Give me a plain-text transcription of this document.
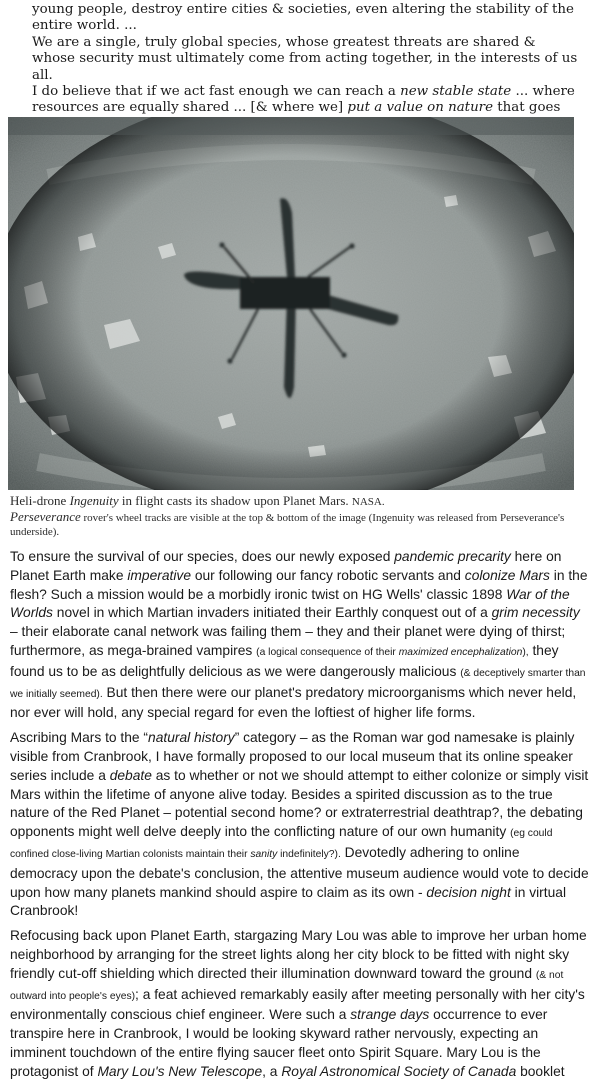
young people, destroy entire cities & societies, even altering the stability of the entire world. ...

We are a single, truly global species, whose greatest threats are shared & whose security must ultimately come from acting together, in the interests of us all.

I do believe that if we act fast enough we can reach a new stable state ... where resources are equally shared ... [& where we] put a value on nature that goes

Heli-drone Ingenuity in flight casts its shadow upon Planet Mars. NASA.
Perseverance rover's wheel tracks are visible at the top & bottom of the image (Ingenuity was released from Perseverance's underside).

To ensure the survival of our species, does our newly exposed pandemic precarity here on Planet Earth make imperative our following our fancy robotic servants and colonize Mars in the flesh? Such a mission would be a morbidly ironic twist on HG Wells' classic 1898 War of the Worlds novel in which Martian invaders initiated their Earthly conquest out of a grim necessity – their elaborate canal network was failing them – they and their planet were dying of thirst; furthermore, as mega-brained vampires (a logical consequence of their maximized encephalization), they found us to be as delightfully delicious as we were dangerously malicious (& deceptively smarter than we initially seemed). But then there were our planet's predatory microorganisms which never held, nor ever will hold, any special regard for even the loftiest of higher life forms.

Ascribing Mars to the “natural history” category – as the Roman war god namesake is plainly visible from Cranbrook, I have formally proposed to our local museum that its online speaker series include a debate as to whether or not we should attempt to either colonize or simply visit Mars within the lifetime of anyone alive today. Besides a spirited discussion as to the true nature of the Red Planet – potential second home? or extraterrestrial deathtrap?, the debating opponents might well delve deeply into the conflicting nature of our own humanity (eg could confined close-living Martian colonists maintain their sanity indefinitely?). Devotedly adhering to online democracy upon the debate's conclusion, the attentive museum audience would vote to decide upon how many planets mankind should aspire to claim as its own - decision night in virtual Cranbrook!

Refocusing back upon Planet Earth, stargazing Mary Lou was able to improve her urban home neighborhood by arranging for the street lights along her city block to be fitted with night sky friendly cut-off shielding which directed their illumination downward toward the ground (& not outward into people's eyes); a feat achieved remarkably easily after meeting personally with her city's environmentally conscious chief engineer. Were such a strange days occurrence to ever transpire here in Cranbrook, I would be looking skyward rather nervously, expecting an imminent touchdown of the entire flying saucer fleet onto Spirit Square. Mary Lou is the protagonist of Mary Lou's New Telescope, a Royal Astronomical Society of Canada booklet
